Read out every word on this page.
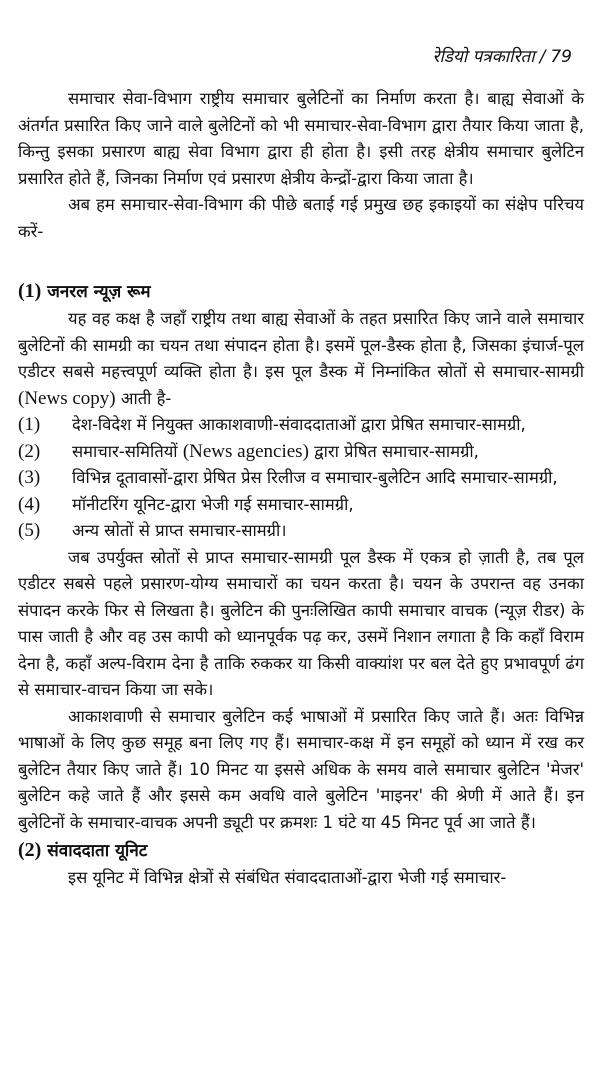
रेडियो पत्रकारिता / 79

समाचार सेवा-विभाग राष्ट्रीय समाचार बुलेटिनों का निर्माण करता है। बाह्य सेवाओं के अंतर्गत प्रसारित किए जाने वाले बुलेटिनों को भी समाचार-सेवा-विभाग द्वारा तैयार किया जाता है, किन्तु इसका प्रसारण बाह्य सेवा विभाग द्वारा ही होता है। इसी तरह क्षेत्रीय समाचार बुलेटिन प्रसारित होते हैं, जिनका निर्माण एवं प्रसारण क्षेत्रीय केन्द्रों-द्वारा किया जाता है।

अब हम समाचार-सेवा-विभाग की पीछे बताई गई प्रमुख छह इकाइयों का संक्षेप परिचय करें-

(1) जनरल न्यूज़ रूम

यह वह कक्ष है जहाँ राष्ट्रीय तथा बाह्य सेवाओं के तहत प्रसारित किए जाने वाले समाचार बुलेटिनों की सामग्री का चयन तथा संपादन होता है। इसमें पूल-डैस्क होता है, जिसका इंचार्ज-पूल एडीटर सबसे महत्त्वपूर्ण व्यक्ति होता है। इस पूल डैस्क में निम्नांकित स्रोतों से समाचार-सामग्री (News copy) आती है-

(1)	देश-विदेश में नियुक्त आकाशवाणी-संवाददाताओं द्वारा प्रेषित समाचार-सामग्री,
(2)	समाचार-समितियों (News agencies) द्वारा प्रेषित समाचार-सामग्री,
(3)	विभिन्न दूतावासों-द्वारा प्रेषित प्रेस रिलीज व समाचार-बुलेटिन आदि समाचार-सामग्री,
(4)	मॉनीटरिंग यूनिट-द्वारा भेजी गई समाचार-सामग्री,
(5)	अन्य स्रोतों से प्राप्त समाचार-सामग्री।

जब उपर्युक्त स्रोतों से प्राप्त समाचार-सामग्री पूल डैस्क में एकत्र हो ज़ाती है, तब पूल एडीटर सबसे पहले प्रसारण-योग्य समाचारों का चयन करता है। चयन के उपरान्त वह उनका संपादन करके फिर से लिखता है। बुलेटिन की पुनःलिखित कापी समाचार वाचक (न्यूज़ रीडर) के पास जाती है और वह उस कापी को ध्यानपूर्वक पढ़ कर, उसमें निशान लगाता है कि कहाँ विराम देना है, कहाँ अल्प-विराम देना है ताकि रुककर या किसी वाक्यांश पर बल देते हुए प्रभावपूर्ण ढंग से समाचार-वाचन किया जा सके।

आकाशवाणी से समाचार बुलेटिन कई भाषाओं में प्रसारित किए जाते हैं। अतः विभिन्न भाषाओं के लिए कुछ समूह बना लिए गए हैं। समाचार-कक्ष में इन समूहों को ध्यान में रख कर बुलेटिन तैयार किए जाते हैं। 10 मिनट या इससे अधिक के समय वाले समाचार बुलेटिन 'मेजर' बुलेटिन कहे जाते हैं और इससे कम अवधि वाले बुलेटिन 'माइनर' की श्रेणी में आते हैं। इन बुलेटिनों के समाचार-वाचक अपनी ड्यूटी पर क्रमशः 1 घंटे या 45 मिनट पूर्व आ जाते हैं।

(2) संवाददाता यूनिट

इस यूनिट में विभिन्न क्षेत्रों से संबंधित संवाददाताओं-द्वारा भेजी गई समाचार-
